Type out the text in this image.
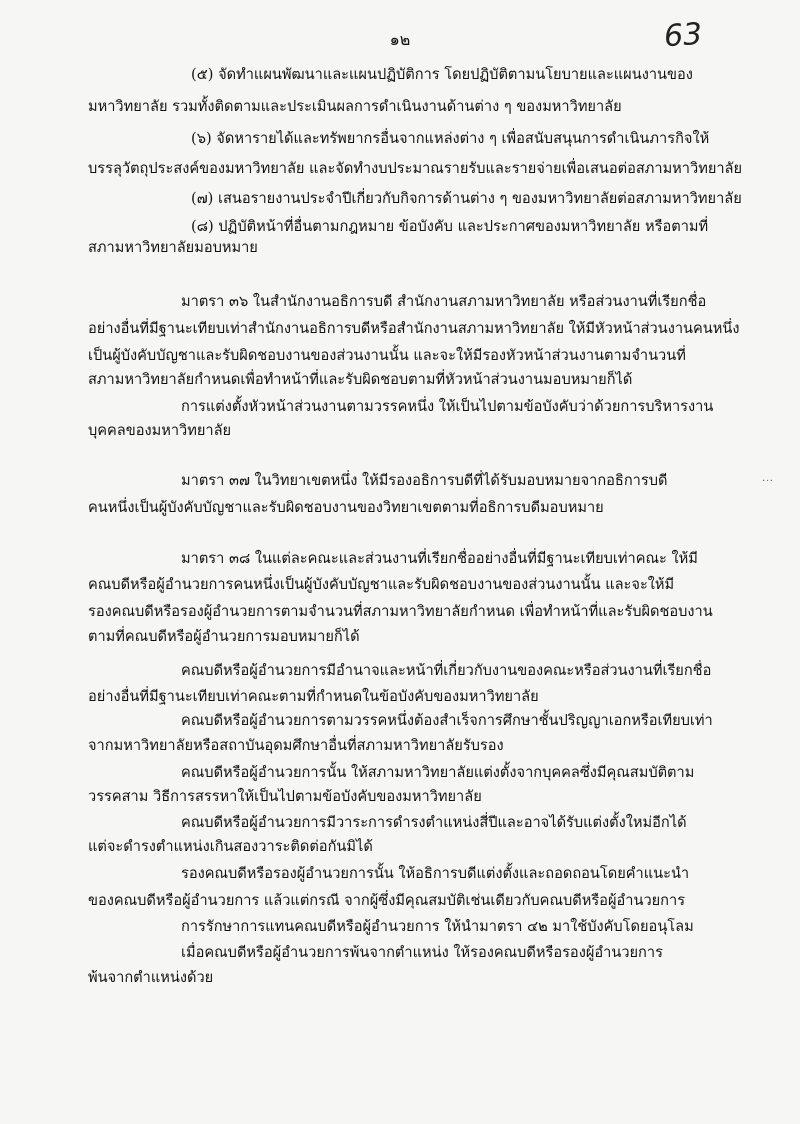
๑๒	63
·ᐧ·
(๕) จัดทำแผนพัฒนาและแผนปฏิบัติการ โดยปฏิบัติตามนโยบายและแผนงานของ
มหาวิทยาลัย รวมทั้งติดตามและประเมินผลการดำเนินงานด้านต่าง ๆ ของมหาวิทยาลัย
(๖) จัดหารายได้และทรัพยากรอื่นจากแหล่งต่าง ๆ เพื่อสนับสนุนการดำเนินภารกิจให้
บรรลุวัตถุประสงค์ของมหาวิทยาลัย และจัดทำงบประมาณรายรับและรายจ่ายเพื่อเสนอต่อสภามหาวิทยาลัย
(๗) เสนอรายงานประจำปีเกี่ยวกับกิจการด้านต่าง ๆ ของมหาวิทยาลัยต่อสภามหาวิทยาลัย
(๘) ปฏิบัติหน้าที่อื่นตามกฎหมาย ข้อบังคับ และประกาศของมหาวิทยาลัย หรือตามที่
สภามหาวิทยาลัยมอบหมาย
มาตรา ๓๖ ในสำนักงานอธิการบดี สำนักงานสภามหาวิทยาลัย หรือส่วนงานที่เรียกชื่อ
อย่างอื่นที่มีฐานะเทียบเท่าสำนักงานอธิการบดีหรือสำนักงานสภามหาวิทยาลัย ให้มีหัวหน้าส่วนงานคนหนึ่ง
เป็นผู้บังคับบัญชาและรับผิดชอบงานของส่วนงานนั้น และจะให้มีรองหัวหน้าส่วนงานตามจำนวนที่
สภามหาวิทยาลัยกำหนดเพื่อทำหน้าที่และรับผิดชอบตามที่หัวหน้าส่วนงานมอบหมายก็ได้
การแต่งตั้งหัวหน้าส่วนงานตามวรรคหนึ่ง ให้เป็นไปตามข้อบังคับว่าด้วยการบริหารงาน
บุคคลของมหาวิทยาลัย
มาตรา ๓๗ ในวิทยาเขตหนึ่ง ให้มีรองอธิการบดีที่ได้รับมอบหมายจากอธิการบดี
คนหนึ่งเป็นผู้บังคับบัญชาและรับผิดชอบงานของวิทยาเขตตามที่อธิการบดีมอบหมาย
มาตรา ๓๘ ในแต่ละคณะและส่วนงานที่เรียกชื่ออย่างอื่นที่มีฐานะเทียบเท่าคณะ ให้มี
คณบดีหรือผู้อำนวยการคนหนึ่งเป็นผู้บังคับบัญชาและรับผิดชอบงานของส่วนงานนั้น และจะให้มี
รองคณบดีหรือรองผู้อำนวยการตามจำนวนที่สภามหาวิทยาลัยกำหนด เพื่อทำหน้าที่และรับผิดชอบงาน
ตามที่คณบดีหรือผู้อำนวยการมอบหมายก็ได้
คณบดีหรือผู้อำนวยการมีอำนาจและหน้าที่เกี่ยวกับงานของคณะหรือส่วนงานที่เรียกชื่อ
อย่างอื่นที่มีฐานะเทียบเท่าคณะตามที่กำหนดในข้อบังคับของมหาวิทยาลัย
คณบดีหรือผู้อำนวยการตามวรรคหนึ่งต้องสำเร็จการศึกษาชั้นปริญญาเอกหรือเทียบเท่า
จากมหาวิทยาลัยหรือสถาบันอุดมศึกษาอื่นที่สภามหาวิทยาลัยรับรอง
คณบดีหรือผู้อำนวยการนั้น ให้สภามหาวิทยาลัยแต่งตั้งจากบุคคลซึ่งมีคุณสมบัติตาม
วรรคสาม วิธีการสรรหาให้เป็นไปตามข้อบังคับของมหาวิทยาลัย
คณบดีหรือผู้อำนวยการมีวาระการดำรงตำแหน่งสี่ปีและอาจได้รับแต่งตั้งใหม่อีกได้
แต่จะดำรงตำแหน่งเกินสองวาระติดต่อกันมิได้
รองคณบดีหรือรองผู้อำนวยการนั้น ให้อธิการบดีแต่งตั้งและถอดถอนโดยคำแนะนำ
ของคณบดีหรือผู้อำนวยการ แล้วแต่กรณี จากผู้ซึ่งมีคุณสมบัติเช่นเดียวกับคณบดีหรือผู้อำนวยการ
การรักษาการแทนคณบดีหรือผู้อำนวยการ ให้นำมาตรา ๔๒ มาใช้บังคับโดยอนุโลม
เมื่อคณบดีหรือผู้อำนวยการพ้นจากตำแหน่ง ให้รองคณบดีหรือรองผู้อำนวยการ
พ้นจากตำแหน่งด้วย
